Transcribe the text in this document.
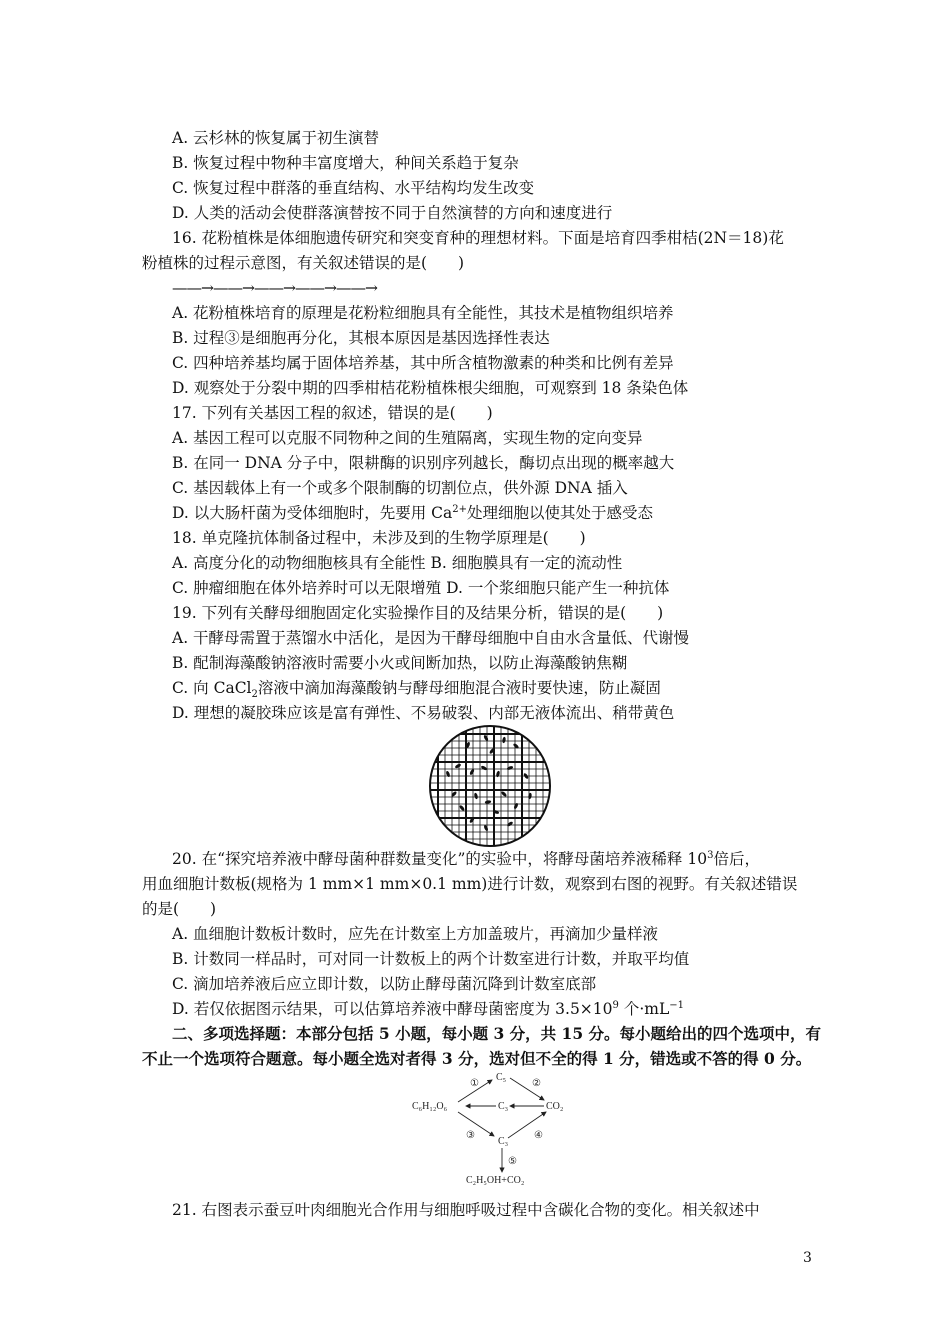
A. 云杉林的恢复属于初生演替
B. 恢复过程中物种丰富度增大，种间关系趋于复杂
C. 恢复过程中群落的垂直结构、水平结构均发生改变
D. 人类的活动会使群落演替按不同于自然演替的方向和速度进行
16. 花粉植株是体细胞遗传研究和突变育种的理想材料。下面是培育四季柑桔(2N＝18)花
粉植株的过程示意图，有关叙述错误的是(　　)
——→——→——→——→——→
A. 花粉植株培育的原理是花粉粒细胞具有全能性，其技术是植物组织培养
B. 过程③是细胞再分化，其根本原因是基因选择性表达
C. 四种培养基均属于固体培养基，其中所含植物激素的种类和比例有差异
D. 观察处于分裂中期的四季柑桔花粉植株根尖细胞，可观察到 18 条染色体
17. 下列有关基因工程的叙述，错误的是(　　)
A. 基因工程可以克服不同物种之间的生殖隔离，实现生物的定向变异
B. 在同一 DNA 分子中，限耕酶的识别序列越长，酶切点出现的概率越大
C. 基因载体上有一个或多个限制酶的切割位点，供外源 DNA 插入
D. 以大肠杆菌为受体细胞时，先要用 $Ca^{2+}$处理细胞以使其处于感受态
18. 单克隆抗体制备过程中，未涉及到的生物学原理是(　　)
A. 高度分化的动物细胞核具有全能性 B. 细胞膜具有一定的流动性
C. 肿瘤细胞在体外培养时可以无限增殖 D. 一个浆细胞只能产生一种抗体
19. 下列有关酵母细胞固定化实验操作目的及结果分析，错误的是(　　)
A. 干酵母需置于蒸馏水中活化，是因为干酵母细胞中自由水含量低、代谢慢
B. 配制海藻酸钠溶液时需要小火或间断加热，以防止海藻酸钠焦糊
C. 向 CaCl$_2$溶液中滴加海藻酸钠与酵母细胞混合液时要快速，防止凝固
D. 理想的凝胶珠应该是富有弹性、不易破裂、内部无液体流出、稍带黄色
20. 在“探究培养液中酵母菌种群数量变化”的实验中，将酵母菌培养液稀释 $10^3$倍后，
用血细胞计数板(规格为 1 mm×1 mm×0.1 mm)进行计数，观察到右图的视野。有关叙述错误
的是(　　)
A. 血细胞计数板计数时，应先在计数室上方加盖玻片，再滴加少量样液
B. 计数同一样品时，可对同一计数板上的两个计数室进行计数，并取平均值
C. 滴加培养液后应立即计数，以防止酵母菌沉降到计数室底部
D. 若仅依据图示结果，可以估算培养液中酵母菌密度为 $3.5\times 10^9$ 个$\cdot mL^{-1}$
二、多项选择题：本部分包括 5 小题，每小题 3 分，共 15 分。每小题给出的四个选项中，有
不止一个选项符合题意。每小题全选对者得 3 分，选对但不全的得 1 分，错选或不答的得 0 分。
C₆H₁₂O₆
C₅
C₃	CO₂
C₃
C₂H₅OH+CO₂
①	②
③	④
⑤
21. 右图表示蚕豆叶肉细胞光合作用与细胞呼吸过程中含碳化合物的变化。相关叙述中
3
